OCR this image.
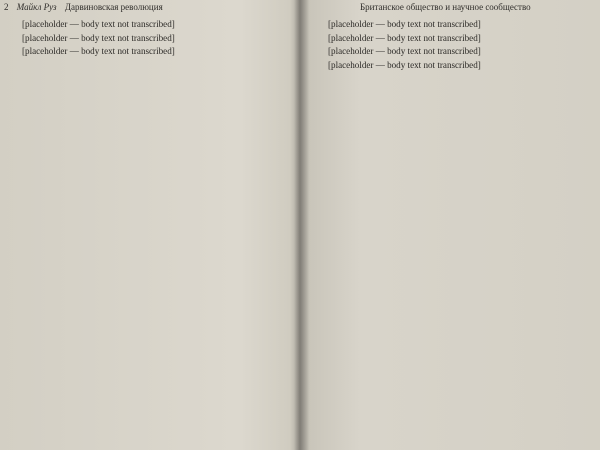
2 Майкл Руз Дарвиновская революция

[placeholder — body text not transcribed]

[placeholder — body text not transcribed]

[placeholder — body text not transcribed]

Британское общество и научное сообщество

[placeholder — body text not transcribed]

[placeholder — body text not transcribed]

[placeholder — body text not transcribed]

[placeholder — body text not transcribed]
